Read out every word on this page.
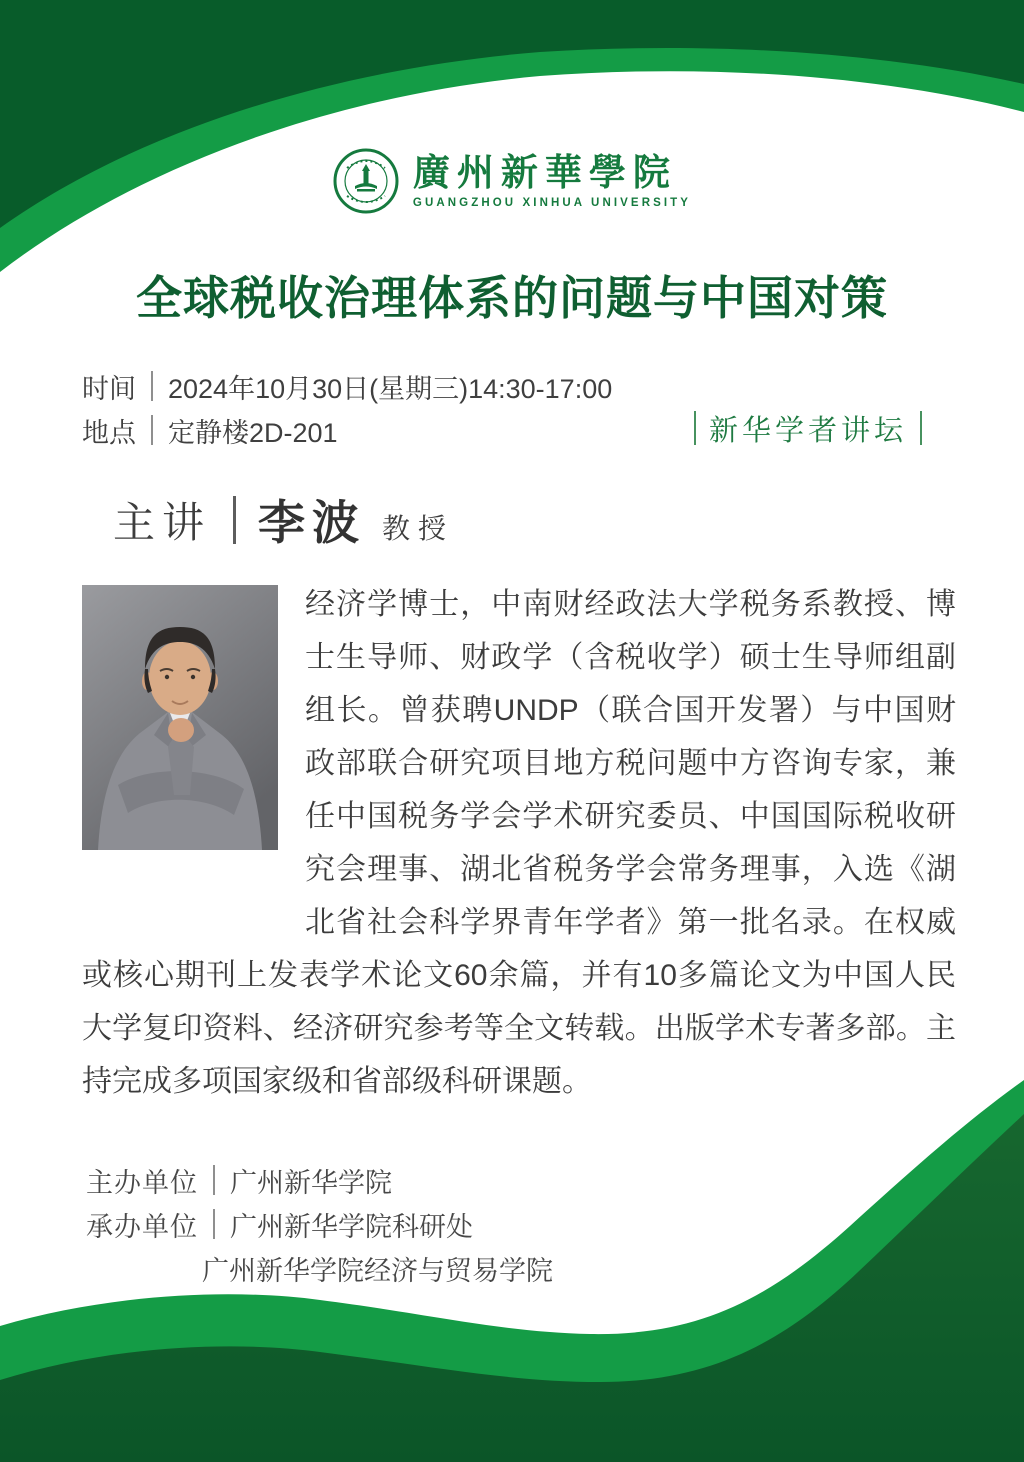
廣州新華學院
GUANGZHOU XINHUA UNIVERSITY
全球税收治理体系的问题与中国对策
时间 2024年10月30日(星期三)14:30-17:00
地点 定静楼2D-201	新华学者讲坛
主讲 李波 教授

经济学博士，中南财经政法大学税务系教授、博士生导师、财政学（含税收学）硕士生导师组副组长。曾获聘UNDP（联合国开发署）与中国财政部联合研究项目地方税问题中方咨询专家，兼任中国税务学会学术研究委员、中国国际税收研究会理事、湖北省税务学会常务理事，入选《湖北省社会科学界青年学者》第一批名录。在权威或核心期刊上发表学术论文60余篇，并有10多篇论文为中国人民大学复印资料、经济研究参考等全文转载。出版学术专著多部。主持完成多项国家级和省部级科研课题。

主办单位 广州新华学院
承办单位 广州新华学院科研处
广州新华学院经济与贸易学院
